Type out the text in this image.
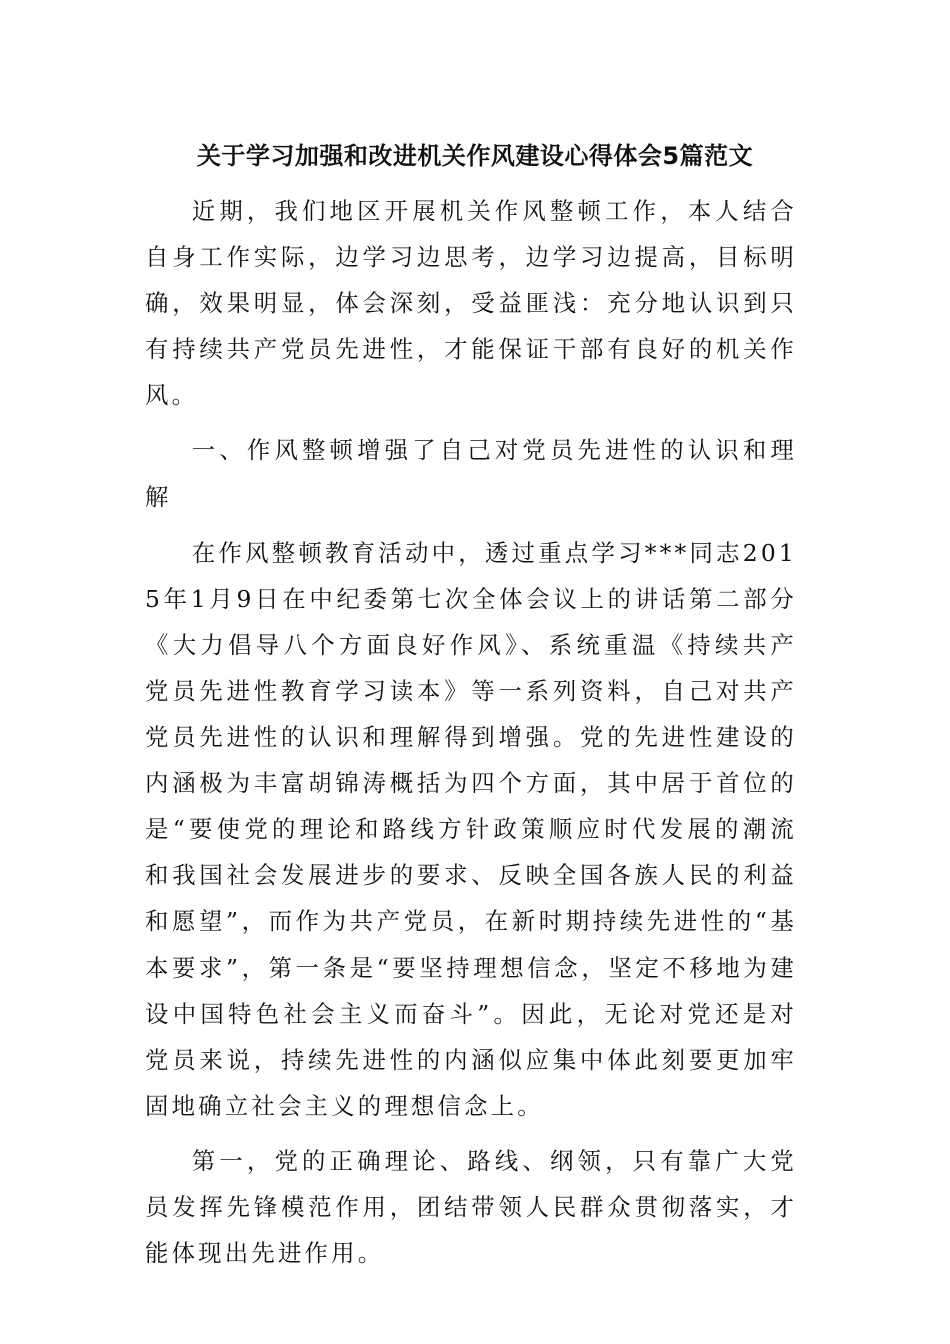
关于学习加强和改进机关作风建设心得体会5篇范文

近期，我们地区开展机关作风整顿工作，本人结合自身工作实际，边学习边思考，边学习边提高，目标明确，效果明显，体会深刻，受益匪浅：充分地认识到只有持续共产党员先进性，才能保证干部有良好的机关作风。

一、作风整顿增强了自己对党员先进性的认识和理解

在作风整顿教育活动中，透过重点学习***同志2015年1月9日在中纪委第七次全体会议上的讲话第二部分《大力倡导八个方面良好作风》、系统重温《持续共产党员先进性教育学习读本》等一系列资料，自己对共产党员先进性的认识和理解得到增强。党的先进性建设的内涵极为丰富胡锦涛概括为四个方面，其中居于首位的是“要使党的理论和路线方针政策顺应时代发展的潮流和我国社会发展进步的要求、反映全国各族人民的利益和愿望”，而作为共产党员，在新时期持续先进性的“基本要求”，第一条是“要坚持理想信念，坚定不移地为建设中国特色社会主义而奋斗”。因此，无论对党还是对党员来说，持续先进性的内涵似应集中体此刻要更加牢固地确立社会主义的理想信念上。

第一，党的正确理论、路线、纲领，只有靠广大党员发挥先锋模范作用，团结带领人民群众贯彻落实，才能体现出先进作用。
